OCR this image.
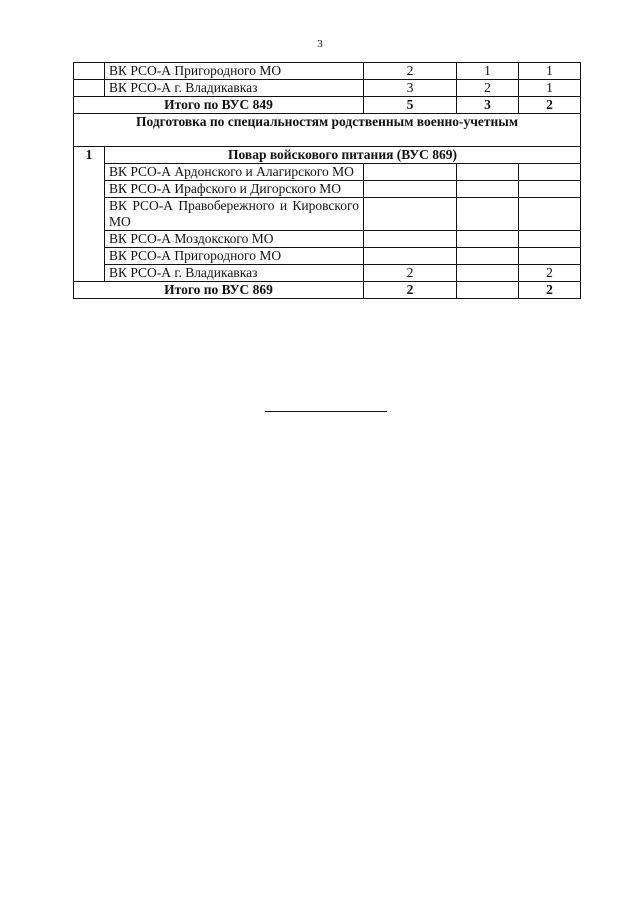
3
	ВК РСО-А Пригородного МО	2	1	1
	ВК РСО-А г. Владикавказ	3	2	1
Итого по ВУС 849		5	3	2
Подготовка по специальностям родственным военно-учетным				
1	Повар войскового питания (ВУС 869)			
	ВК РСО-А Ардонского и Алагирского МО			
	ВК РСО-А Ирафского и Дигорского МО			
	ВК РСО-А Правобережного и Кировского МО			
	ВК РСО-А Моздокского МО			
	ВК РСО-А Пригородного МО			
	ВК РСО-А г. Владикавказ	2		2
Итого по ВУС 869		2		2
